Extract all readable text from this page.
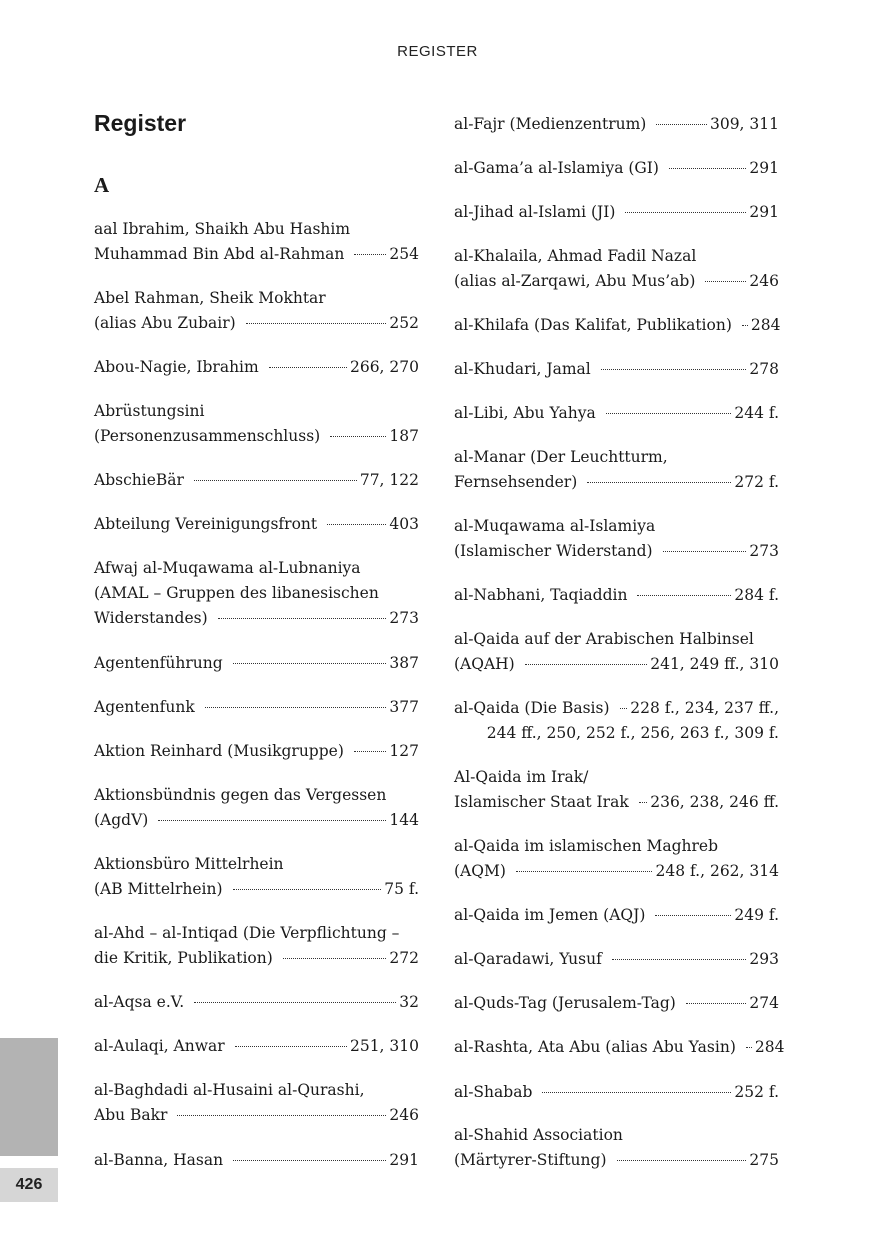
REGISTER
Register
A
aal Ibrahim, Shaikh Abu Hashim
Muhammad Bin Abd al-Rahman	254
Abel Rahman, Sheik Mokhtar
(alias Abu Zubair)	252
Abou-Nagie, Ibrahim	266, 270
Abrüstungsini
(Personenzusammenschluss)	187
AbschieBär	77, 122
Abteilung Vereinigungsfront	403
Afwaj al-Muqawama al-Lubnaniya
(AMAL – Gruppen des libanesischen
Widerstandes)	273
Agentenführung	387
Agentenfunk	377
Aktion Reinhard (Musikgruppe)	127
Aktionsbündnis gegen das Vergessen
(AgdV)	144
Aktionsbüro Mittelrhein
(AB Mittelrhein)	75 f.
al-Ahd – al-Intiqad (Die Verpflichtung –
die Kritik, Publikation)	272
al-Aqsa e.V.	32
al-Aulaqi, Anwar	251, 310
al-Baghdadi al-Husaini al-Qurashi,
Abu Bakr	246
al-Banna, Hasan	291
al-Fajr (Medienzentrum)	309, 311
al-Gama’a al-Islamiya (GI)	291
al-Jihad al-Islami (JI)	291
al-Khalaila, Ahmad Fadil Nazal
(alias al-Zarqawi, Abu Mus’ab)	246
al-Khilafa (Das Kalifat, Publikation) 284
al-Khudari, Jamal	278
al-Libi, Abu Yahya	244 f.
al-Manar (Der Leuchtturm,
Fernsehsender)	272 f.
al-Muqawama al-Islamiya
(Islamischer Widerstand)	273
al-Nabhani, Taqiaddin	284 f.
al-Qaida auf der Arabischen Halbinsel
(AQAH)	241, 249 ff., 310
al-Qaida (Die Basis) 228 f., 234, 237 ff.,
244 ff., 250, 252 f., 256, 263 f., 309 f.
Al-Qaida im Irak/
Islamischer Staat Irak 236, 238, 246 ff.
al-Qaida im islamischen Maghreb
(AQM)	248 f., 262, 314
al-Qaida im Jemen (AQJ)	249 f.
al-Qaradawi, Yusuf	293
al-Quds-Tag (Jerusalem-Tag)	274
al-Rashta, Ata Abu (alias Abu Yasin) 284
al-Shabab	252 f.
al-Shahid Association
(Märtyrer-Stiftung)	275
426
